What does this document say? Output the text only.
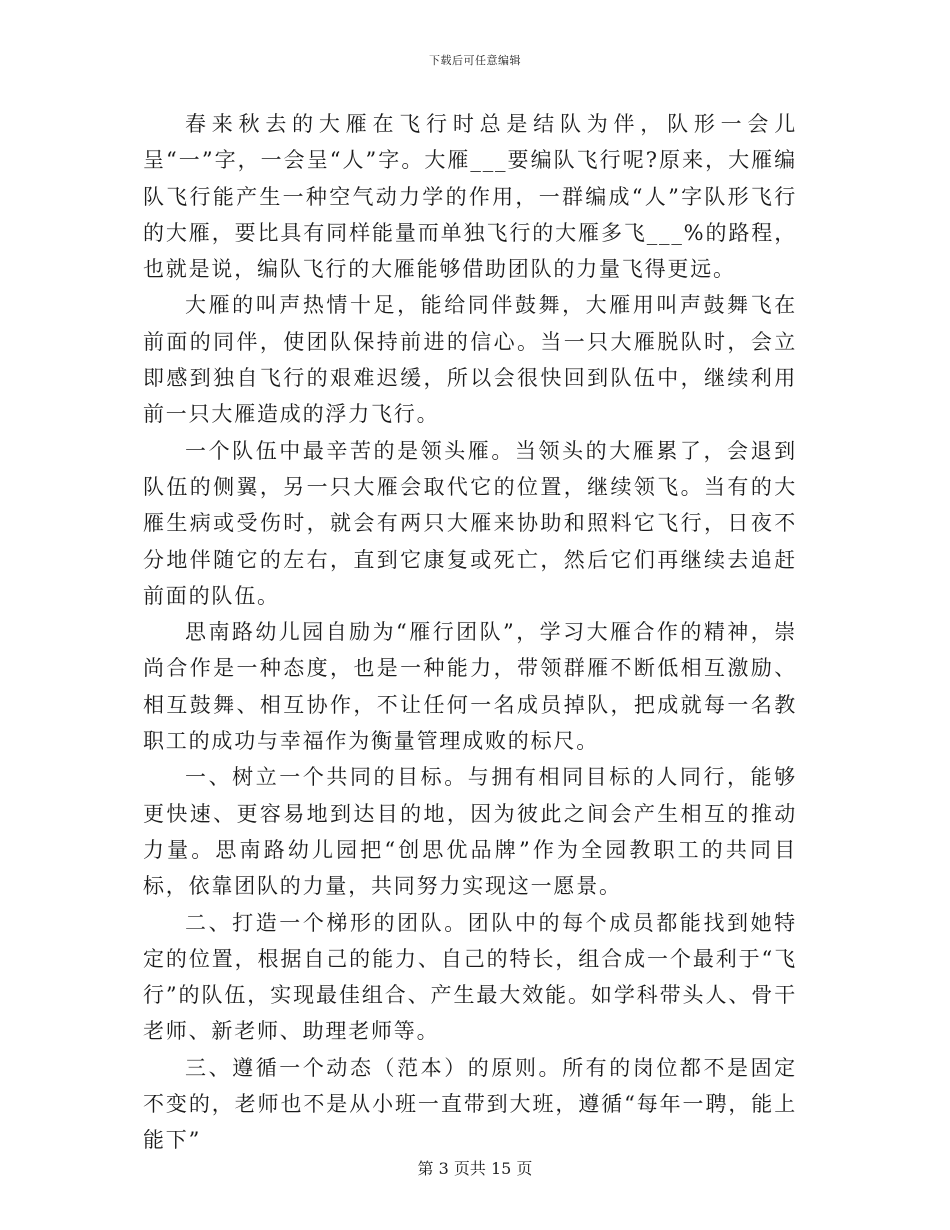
下载后可任意编辑

春来秋去的大雁在飞行时总是结队为伴，队形一会儿呈“一”字，一会呈“人”字。大雁___要编队飞行呢?原来，大雁编队飞行能产生一种空气动力学的作用，一群编成“人”字队形飞行的大雁，要比具有同样能量而单独飞行的大雁多飞___%的路程，也就是说，编队飞行的大雁能够借助团队的力量飞得更远。

大雁的叫声热情十足，能给同伴鼓舞，大雁用叫声鼓舞飞在前面的同伴，使团队保持前进的信心。当一只大雁脱队时，会立即感到独自飞行的艰难迟缓，所以会很快回到队伍中，继续利用前一只大雁造成的浮力飞行。

一个队伍中最辛苦的是领头雁。当领头的大雁累了，会退到队伍的侧翼，另一只大雁会取代它的位置，继续领飞。当有的大雁生病或受伤时，就会有两只大雁来协助和照料它飞行，日夜不分地伴随它的左右，直到它康复或死亡，然后它们再继续去追赶前面的队伍。

思南路幼儿园自励为“雁行团队”，学习大雁合作的精神，崇尚合作是一种态度，也是一种能力，带领群雁不断低相互激励、相互鼓舞、相互协作，不让任何一名成员掉队，把成就每一名教职工的成功与幸福作为衡量管理成败的标尺。

一、树立一个共同的目标。与拥有相同目标的人同行，能够更快速、更容易地到达目的地，因为彼此之间会产生相互的推动力量。思南路幼儿园把“创思优品牌”作为全园教职工的共同目标，依靠团队的力量，共同努力实现这一愿景。

二、打造一个梯形的团队。团队中的每个成员都能找到她特定的位置，根据自己的能力、自己的特长，组合成一个最利于“飞行”的队伍，实现最佳组合、产生最大效能。如学科带头人、骨干老师、新老师、助理老师等。

三、遵循一个动态（范本）的原则。所有的岗位都不是固定不变的，老师也不是从小班一直带到大班，遵循“每年一聘，能上能下”

第 3 页共 15 页
